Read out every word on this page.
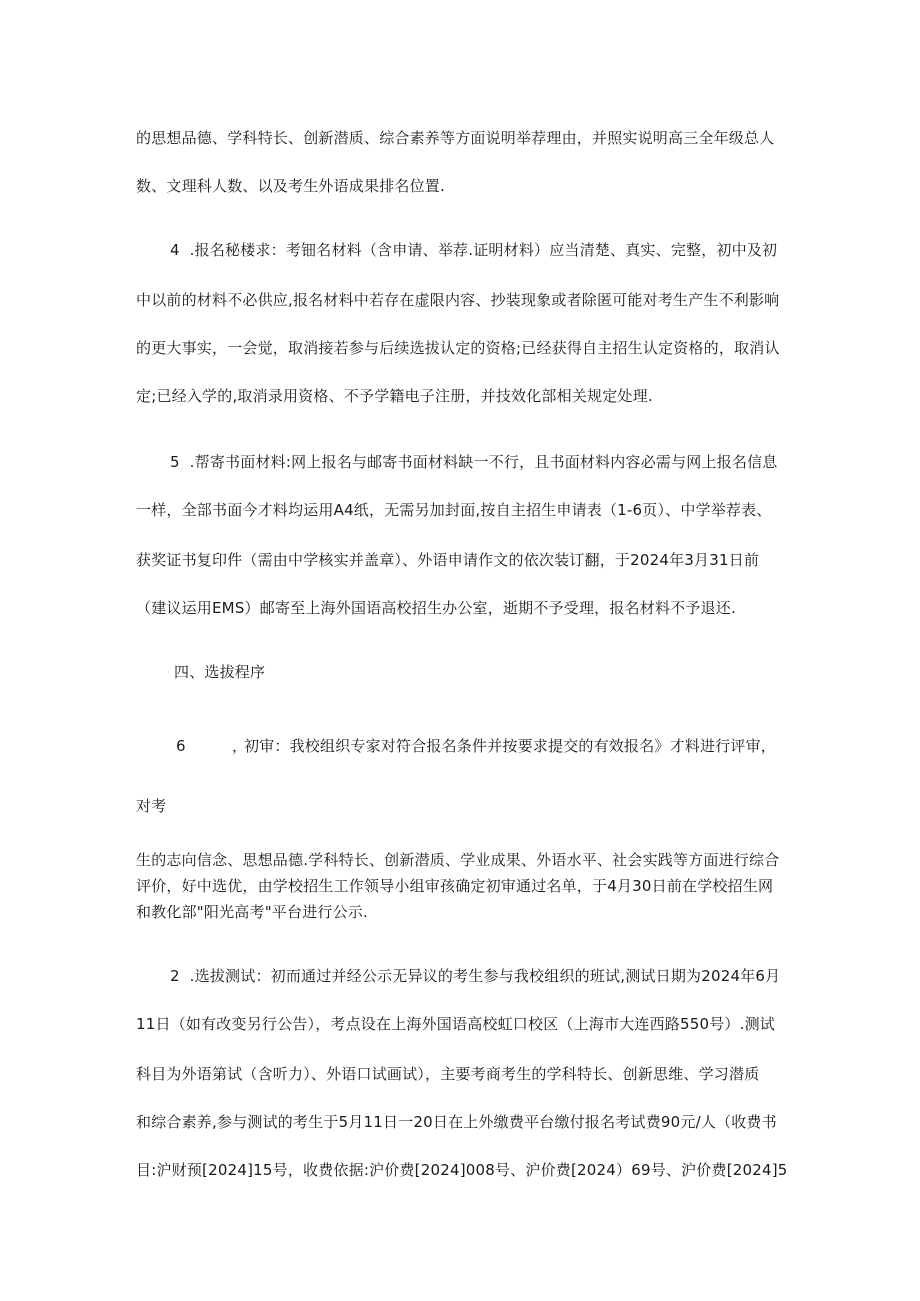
的思想品德、学科特长、创新潜质、综合素养等方面说明举荐理由，并照实说明高三全年级总人
数、文理科人数、以及考生外语成果排名位置.
4  .报名秘楼求：考钿名材料（含申请、举荐.证明材料）应当清楚、真实、完整，初中及初
中以前的材料不必供应,报名材料中若存在虚限内容、抄装现象或者除匿可能对考生产生不利影响
的更大事实，一会觉，取消接若参与后续选拔认定的资格;已经获得自主招生认定资格的，取消认
定;已经入学的,取消录用资格、不予学籍电子注册，并技效化部相关规定处理.
5  .帮寄书面材料:网上报名与邮寄书面材料缺一不行，且书面材料内容必需与网上报名信息
一样，全部书面今才料均运用A4纸，无需另加封面,按自主招生申请表（1-6页）、中学举荐表、
获奖证书复印件（需由中学核实并盖章）、外语申请作文的依次装订翻，于2024年3月31日前
（建议运用EMS）邮寄至上海外国语高校招生办公室，逝期不予受理，报名材料不予退还.
四、选拔程序
6	，
初审：我校组织专家对符合报名条件并按要求提交的有效报名》才料进行评审，
对考
生的志向信念、思想品德.学科特长、创新潜质、学业成果、外语水平、社会实践等方面进行综合
评价，好中选优，由学校招生工作领导小组审孩确定初审通过名单，于4月30日前在学校招生网
和教化部"阳光高考"平台进行公示.
2  .选拔测试：初而通过并经公示无异议的考生参与我校组织的班试,测试日期为2024年6月
11日（如有改变另行公告），考点设在上海外国语高校虹口校区（上海市大连西路550号）.测试
科目为外语第试（含听力）、外语口试画试），主要考商考生的学科特长、创新思维、学习潜质
和综合素养,参与测试的考生于5月11日一20日在上外缴费平台缴付报名考试费90元/人（收费书
目:沪财预[2024]15号，收费依据:沪价费[2024]008号、沪价费[2024）69号、沪价费[2024]5
